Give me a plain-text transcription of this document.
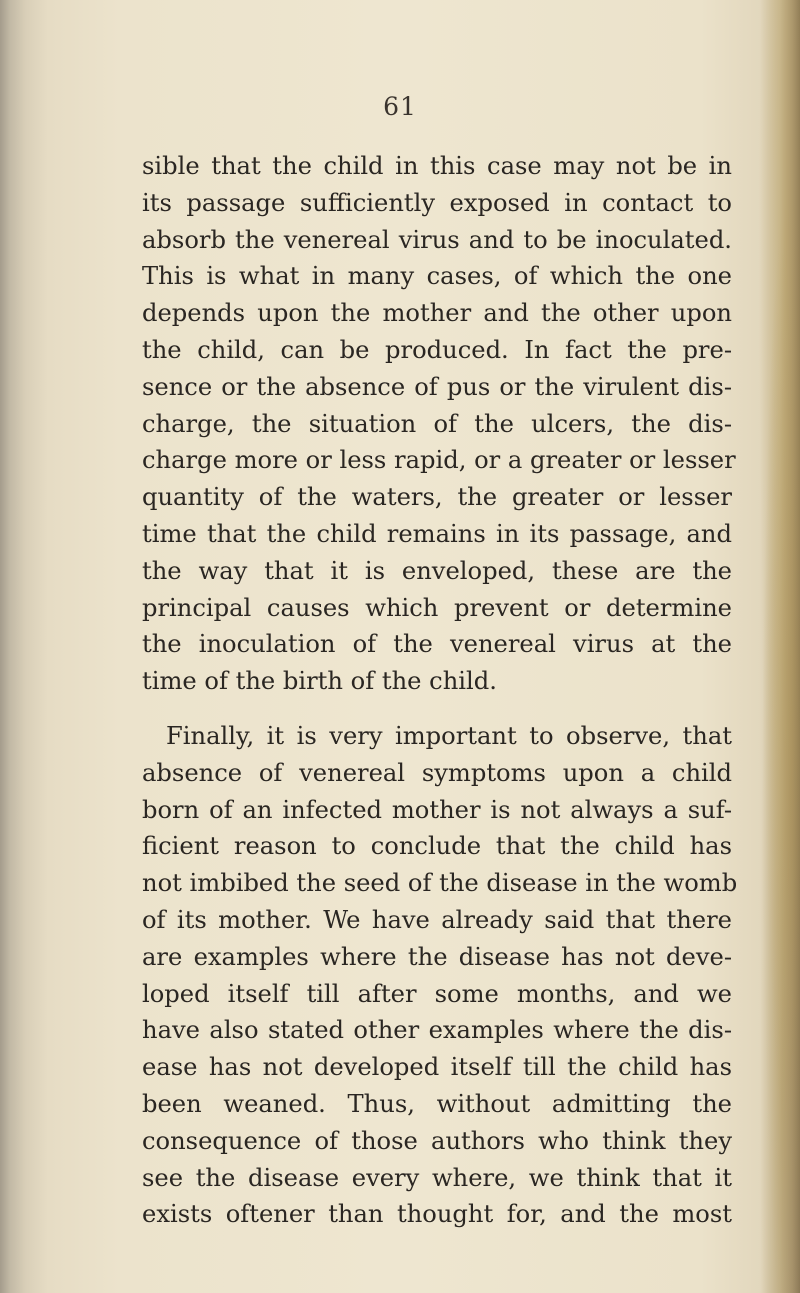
61
sible that the child in this case may not be in
its passage sufficiently exposed in contact to
absorb the venereal virus and to be inoculated.
This is what in many cases, of which the one
depends upon the mother and the other upon
the child, can be produced. In fact the pre-
sence or the absence of pus or the virulent dis-
charge, the situation of the ulcers, the dis-
charge more or less rapid, or a greater or lesser
quantity of the waters, the greater or lesser
time that the child remains in its passage, and
the way that it is enveloped, these are the
principal causes which prevent or determine
the inoculation of the venereal virus at the
time of the birth of the child.
Finally, it is very important to observe, that
absence of venereal symptoms upon a child
born of an infected mother is not always a suf-
ficient reason to conclude that the child has
not imbibed the seed of the disease in the womb
of its mother. We have already said that there
are examples where the disease has not deve-
loped itself till after some months, and we
have also stated other examples where the dis-
ease has not developed itself till the child has
been weaned. Thus, without admitting the
consequence of those authors who think they
see the disease every where, we think that it
exists oftener than thought for, and the most
